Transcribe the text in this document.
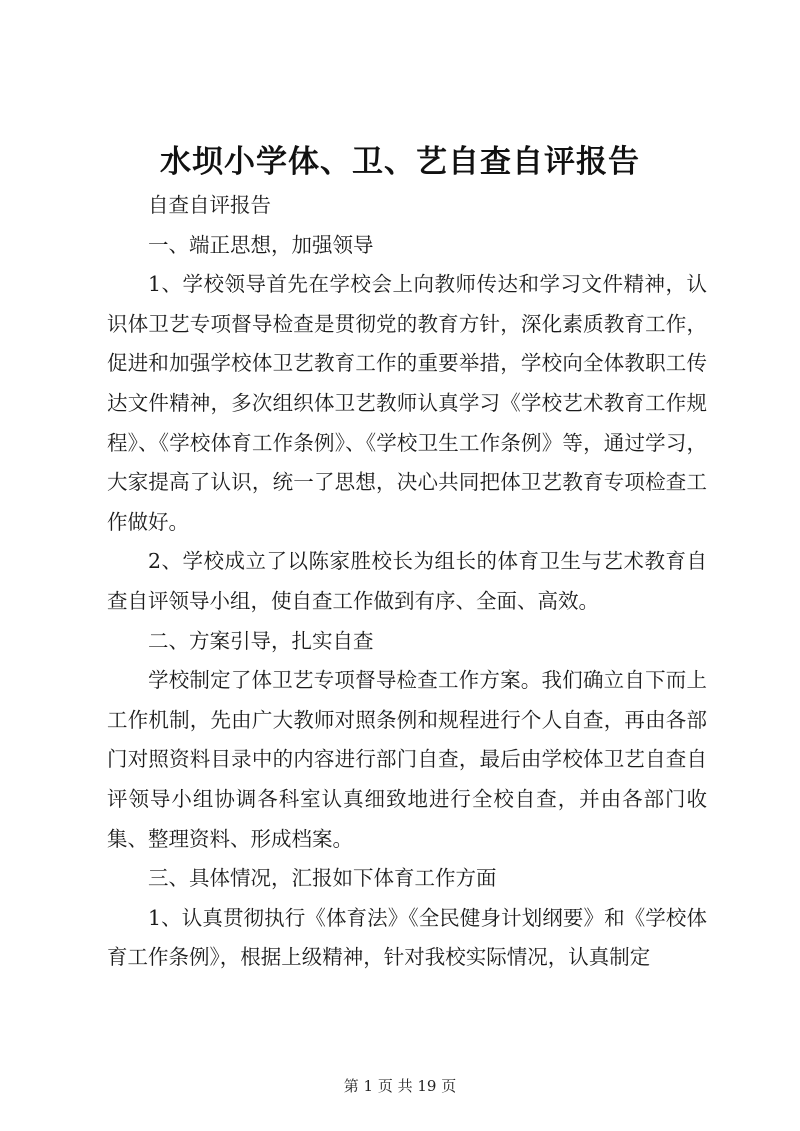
水坝小学体、卫、艺自查自评报告

自查自评报告

一、端正思想，加强领导

1、学校领导首先在学校会上向教师传达和学习文件精神，认识体卫艺专项督导检查是贯彻党的教育方针，深化素质教育工作，促进和加强学校体卫艺教育工作的重要举措，学校向全体教职工传达文件精神，多次组织体卫艺教师认真学习《学校艺术教育工作规程》、《学校体育工作条例》、《学校卫生工作条例》等，通过学习，大家提高了认识，统一了思想，决心共同把体卫艺教育专项检查工作做好。

2、学校成立了以陈家胜校长为组长的体育卫生与艺术教育自查自评领导小组，使自查工作做到有序、全面、高效。

二、方案引导，扎实自查

学校制定了体卫艺专项督导检查工作方案。我们确立自下而上工作机制，先由广大教师对照条例和规程进行个人自查，再由各部门对照资料目录中的内容进行部门自查，最后由学校体卫艺自查自评领导小组协调各科室认真细致地进行全校自查，并由各部门收集、整理资料、形成档案。

三、具体情况，汇报如下体育工作方面

1、认真贯彻执行《体育法》《全民健身计划纲要》和《学校体育工作条例》，根据上级精神，针对我校实际情况，认真制定

第 1 页 共 19 页
